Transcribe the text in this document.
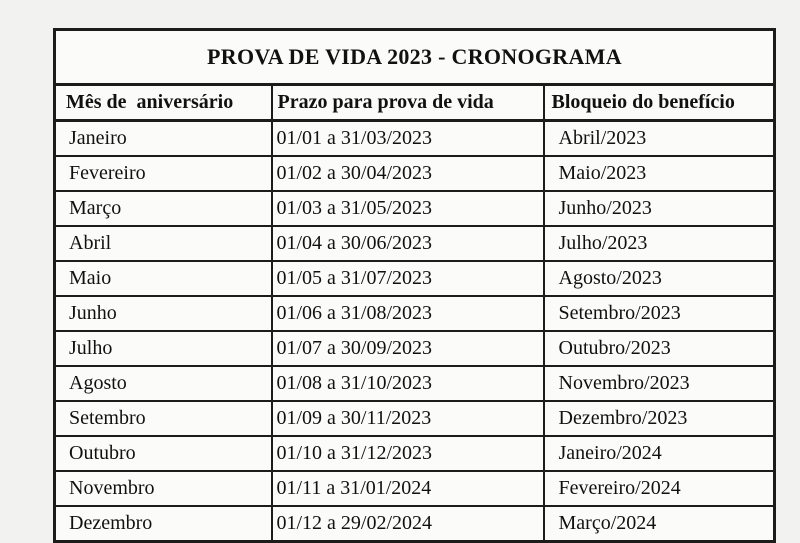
PROVA DE VIDA 2023 - CRONOGRAMA		
Mês de  aniversário	Prazo para prova de vida	Bloqueio do benefício
Janeiro	01/01 a 31/03/2023	Abril/2023
Fevereiro	01/02 a 30/04/2023	Maio/2023
Março	01/03 a 31/05/2023	Junho/2023
Abril	01/04 a 30/06/2023	Julho/2023
Maio	01/05 a 31/07/2023	Agosto/2023
Junho	01/06 a 31/08/2023	Setembro/2023
Julho	01/07 a 30/09/2023	Outubro/2023
Agosto	01/08 a 31/10/2023	Novembro/2023
Setembro	01/09 a 30/11/2023	Dezembro/2023
Outubro	01/10 a 31/12/2023	Janeiro/2024
Novembro	01/11 a 31/01/2024	Fevereiro/2024
Dezembro	01/12 a 29/02/2024	Março/2024
